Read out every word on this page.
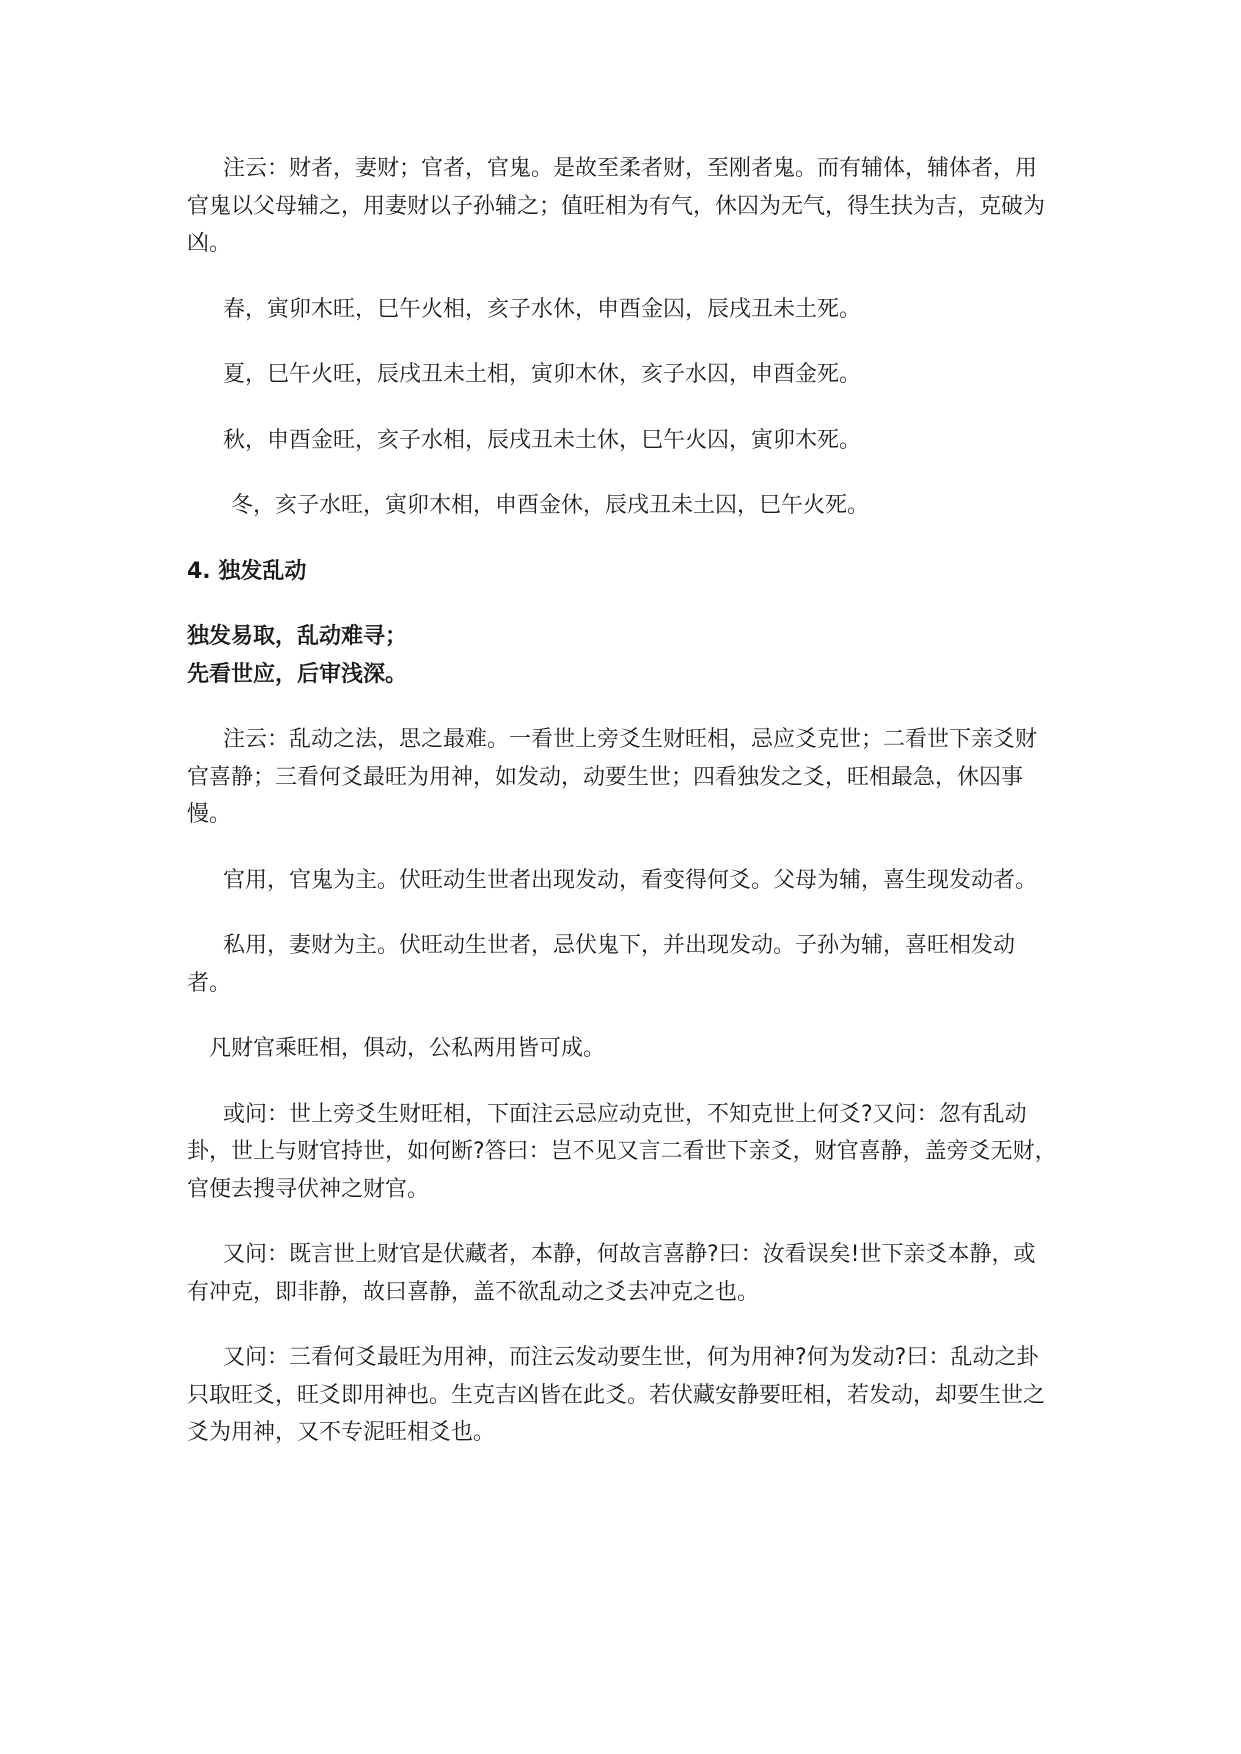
注云：财者，妻财；官者，官鬼。是故至柔者财，至刚者鬼。而有辅体，辅体者，用官鬼以父母辅之，用妻财以子孙辅之；值旺相为有气，休囚为无气，得生扶为吉，克破为凶。

春，寅卯木旺，巳午火相，亥子水休，申酉金囚，辰戌丑未土死。

夏，巳午火旺，辰戌丑未土相，寅卯木休，亥子水囚，申酉金死。

秋，申酉金旺，亥子水相，辰戌丑未土休，巳午火囚，寅卯木死。

冬，亥子水旺，寅卯木相，申酉金休，辰戌丑未土囚，巳午火死。

4. 独发乱动
独发易取，乱动难寻；
先看世应，后审浅深。

注云：乱动之法，思之最难。一看世上旁爻生财旺相，忌应爻克世；二看世下亲爻财官喜静；三看何爻最旺为用神，如发动，动要生世；四看独发之爻，旺相最急，休囚事慢。

官用，官鬼为主。伏旺动生世者出现发动，看变得何爻。父母为辅，喜生现发动者。

私用，妻财为主。伏旺动生世者，忌伏鬼下，并出现发动。子孙为辅，喜旺相发动者。

凡财官乘旺相，俱动，公私两用皆可成。

或问：世上旁爻生财旺相，下面注云忌应动克世，不知克世上何爻?又问：忽有乱动卦，世上与财官持世，如何断?答曰：岂不见又言二看世下亲爻，财官喜静，盖旁爻无财，官便去搜寻伏神之财官。

又问：既言世上财官是伏藏者，本静，何故言喜静?曰：汝看误矣!世下亲爻本静，或有冲克，即非静，故曰喜静，盖不欲乱动之爻去冲克之也。

又问：三看何爻最旺为用神，而注云发动要生世，何为用神?何为发动?曰：乱动之卦只取旺爻，旺爻即用神也。生克吉凶皆在此爻。若伏藏安静要旺相，若发动，却要生世之爻为用神，又不专泥旺相爻也。
